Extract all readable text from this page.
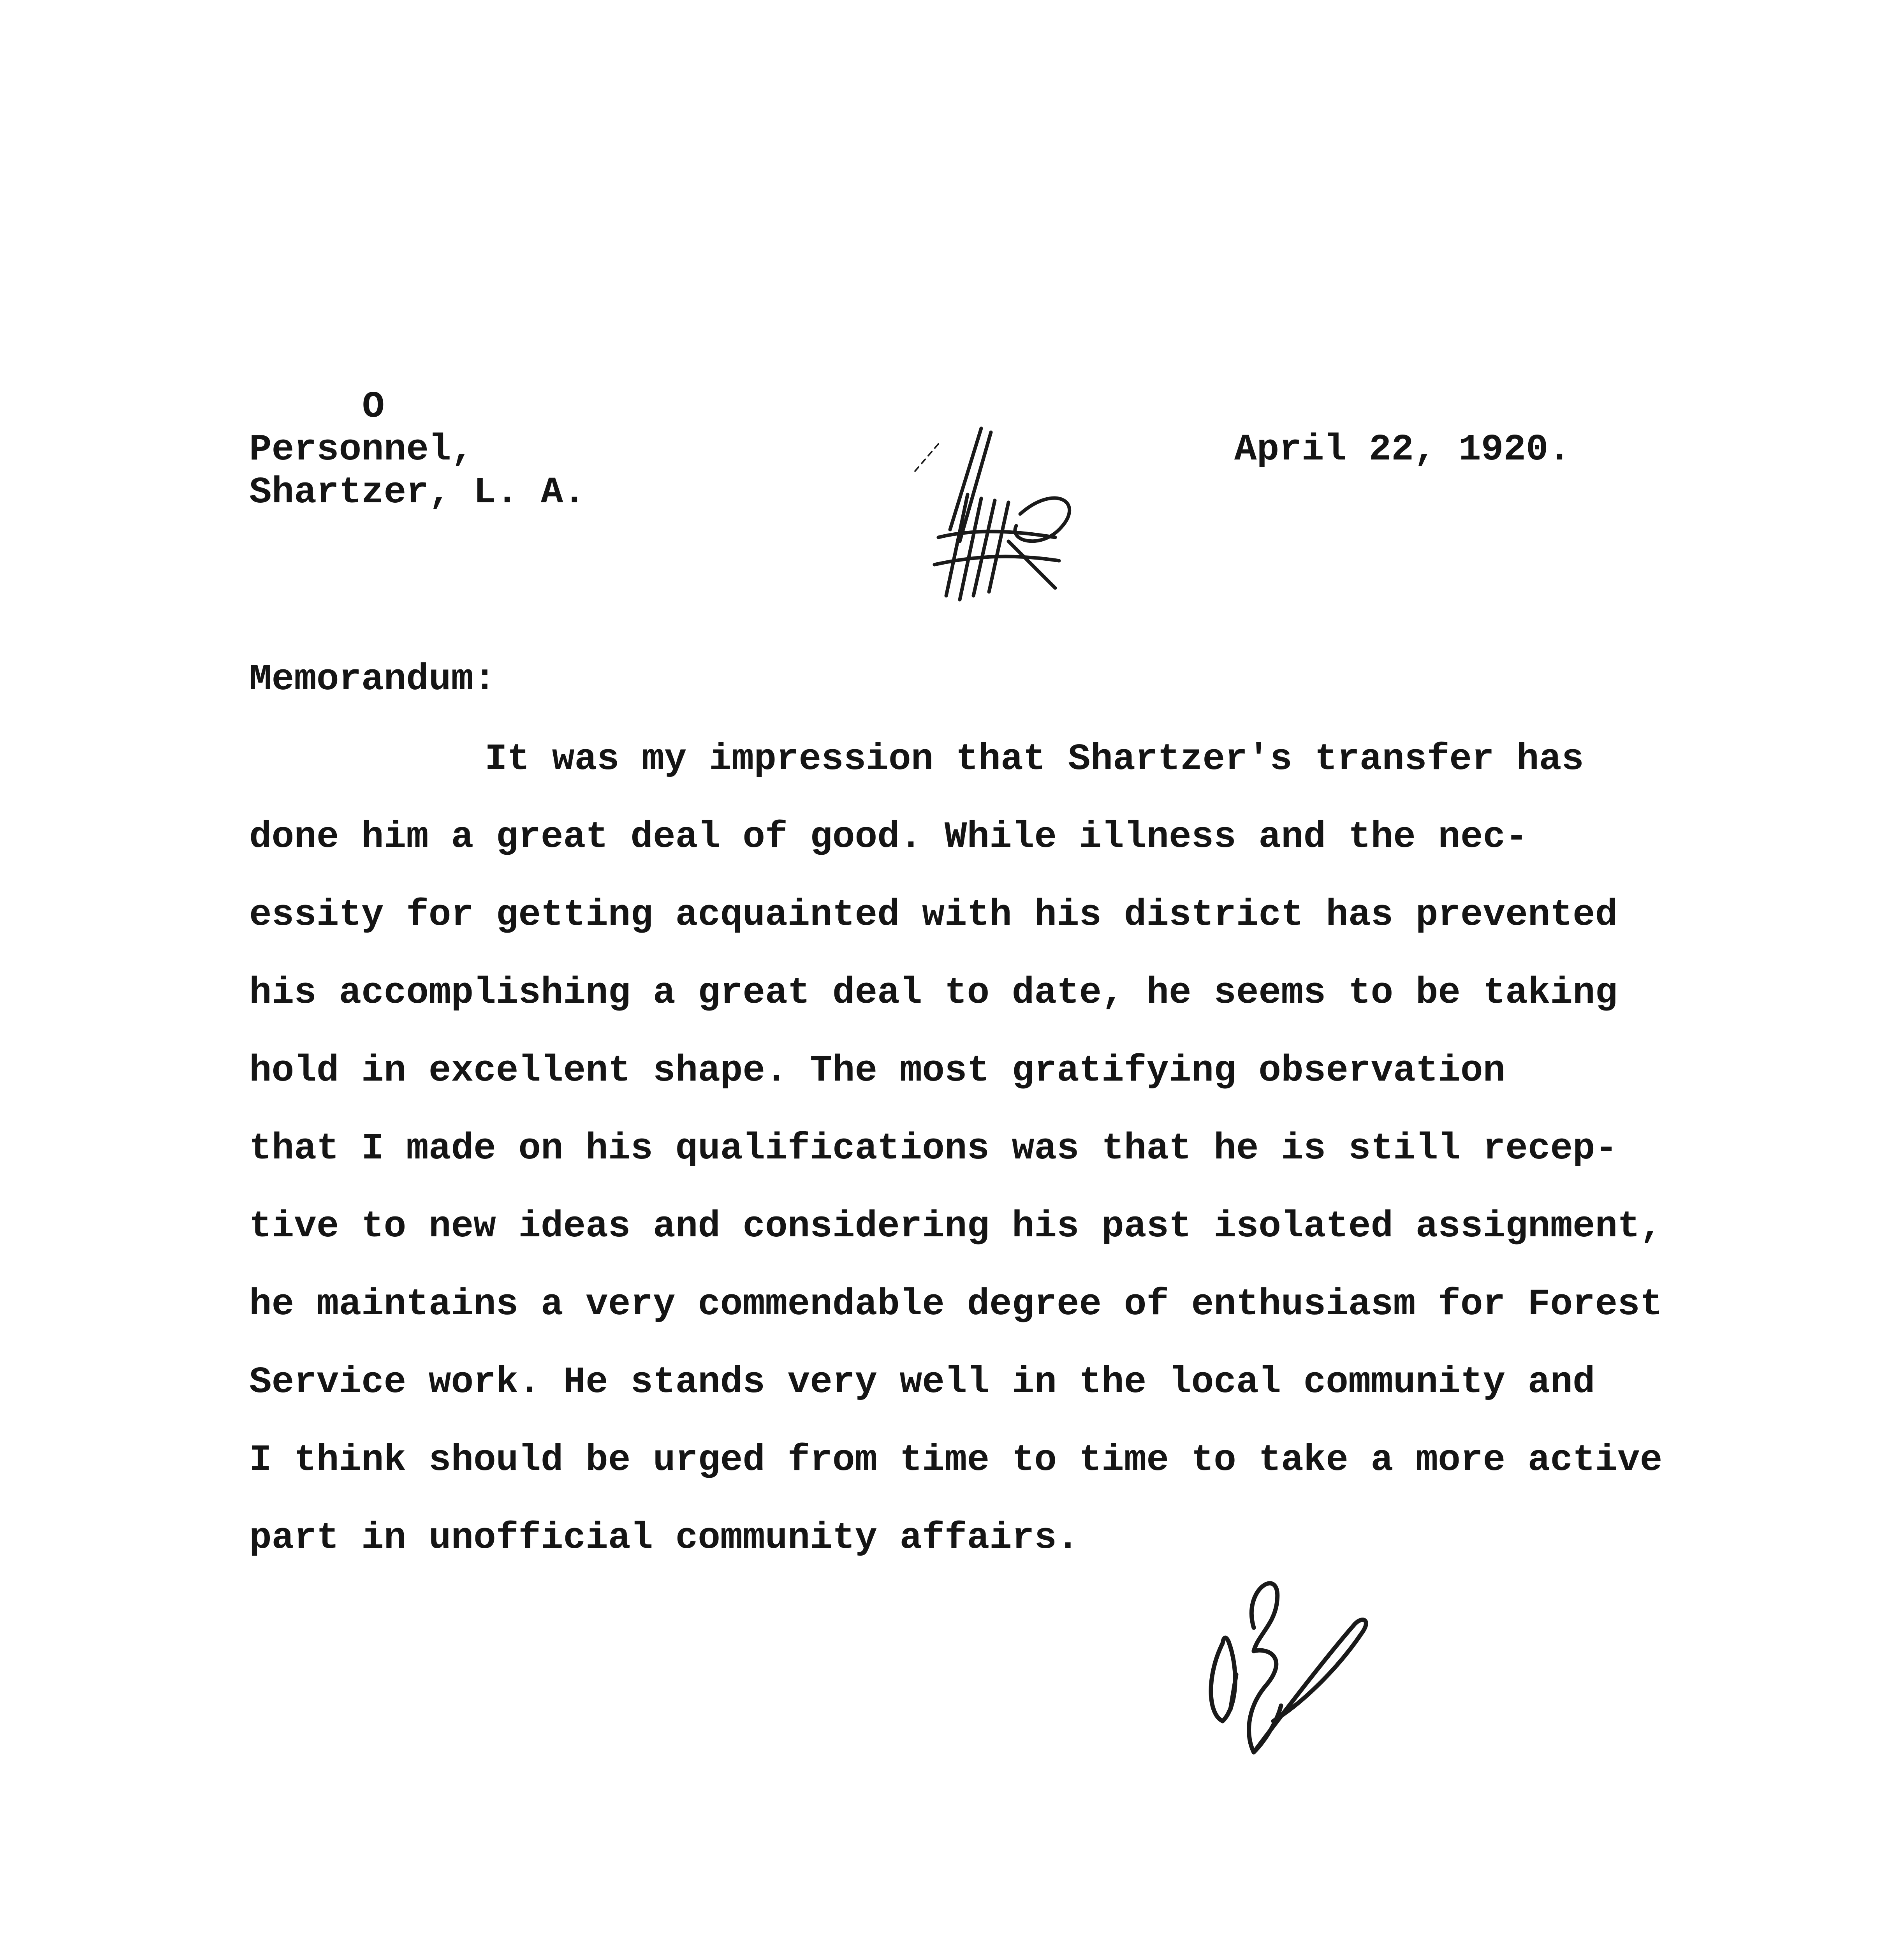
O
Personnel,
Shartzer, L. A.
April 22, 1920.
Memorandum:
It was my impression that Shartzer's transfer has
done him a great deal of good. While illness and the nec-
essity for getting acquainted with his district has prevented
his accomplishing a great deal to date, he seems to be taking
hold in excellent shape. The most gratifying observation
that I made on his qualifications was that he is still recep-
tive to new ideas and considering his past isolated assignment,
he maintains a very commendable degree of enthusiasm for Forest
Service work. He stands very well in the local community and
I think should be urged from time to time to take a more active
part in unofficial community affairs.
